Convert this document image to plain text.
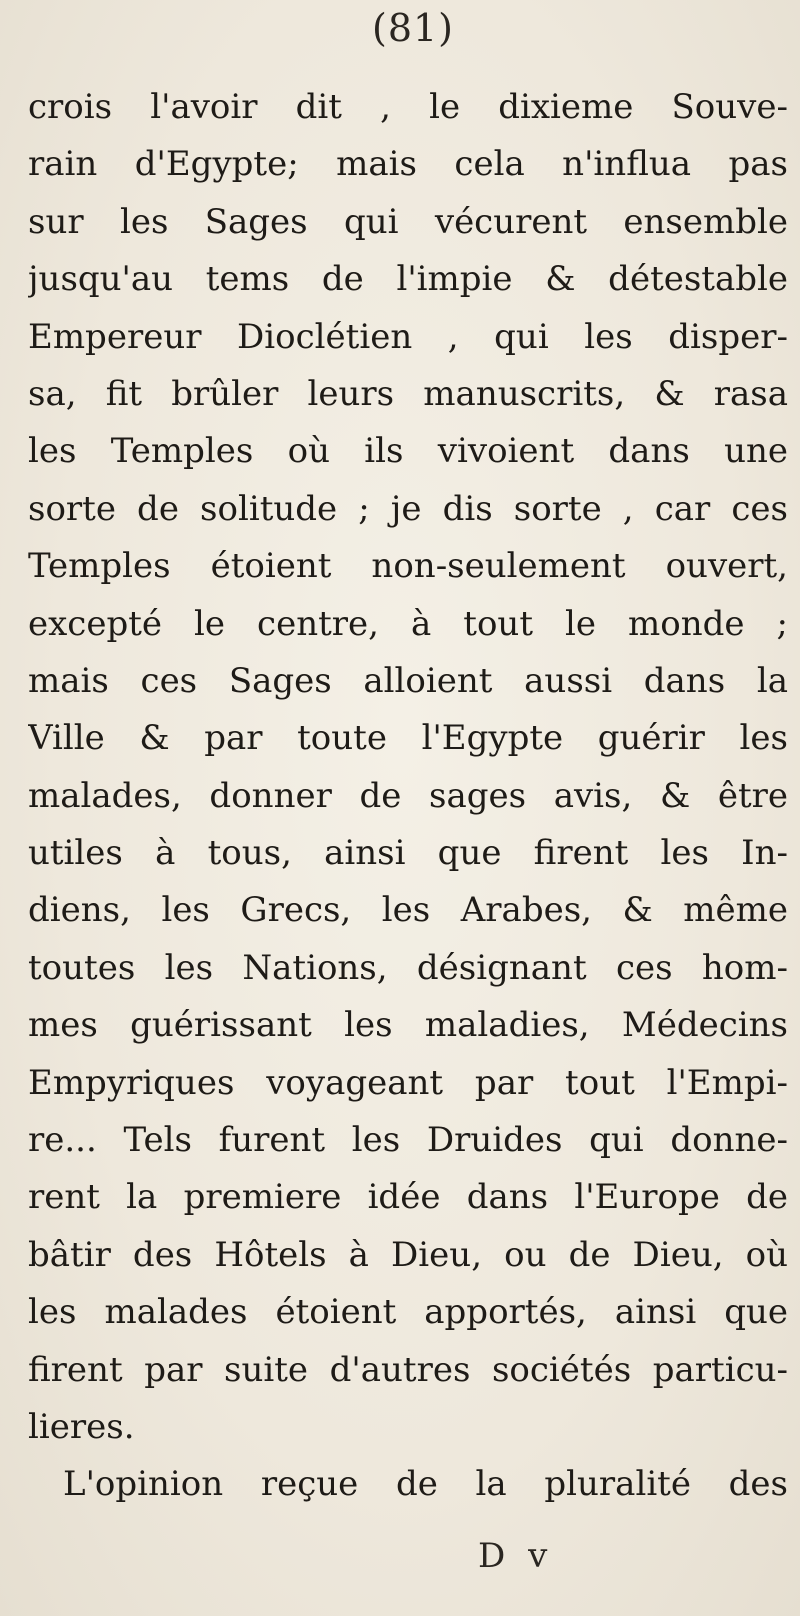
(81)
crois l'avoir dit , le dixieme Souve-
rain d'Egypte; mais cela n'influa pas
sur les Sages qui vécurent ensemble
jusqu'au tems de l'impie & détestable
Empereur Dioclétien , qui les disper-
sa, fit brûler leurs manuscrits, & rasa
les Temples où ils vivoient dans une
sorte de solitude ; je dis sorte , car ces
Temples étoient non-seulement ouvert,
excepté le centre, à tout le monde ;
mais ces Sages alloient aussi dans la
Ville & par toute l'Egypte guérir les
malades, donner de sages avis, & être
utiles à tous, ainsi que firent les In-
diens, les Grecs, les Arabes, & même
toutes les Nations, désignant ces hom-
mes guérissant les maladies, Médecins
Empyriques voyageant par tout l'Empi-
re... Tels furent les Druides qui donne-
rent la premiere idée dans l'Europe de
bâtir des Hôtels à Dieu, ou de Dieu, où
les malades étoient apportés, ainsi que
firent par suite d'autres sociétés particu-
lieres.
L'opinion reçue de la pluralité des
D v
